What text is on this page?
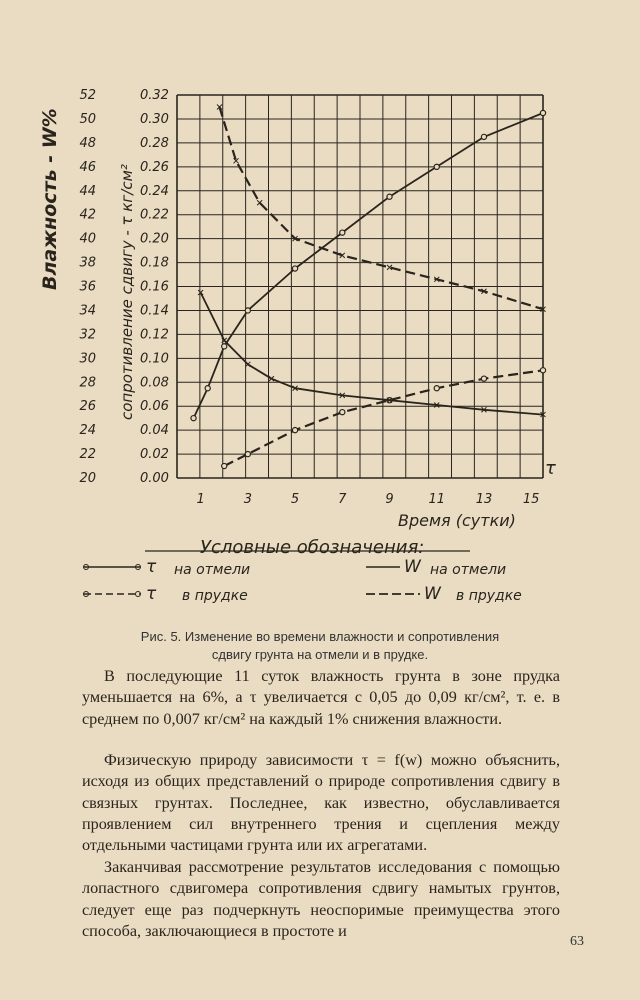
52
50
48
46
44
42
40
38
36
34
32
30
28
26
24
22
20
0.32
0.30
0.28
0.26
0.24
0.22
0.20
0.18
0.16
0.14
0.12
0.10
0.08
0.06
0.04
0.02
0.00
1	3	5	7	9	11 13 15
Влажность - W%	сопротивление сдвигу - τ кг/см²
τ
Время (сутки)
Условные обозначения:
τ на отмели	W на отмели
τ в прудке	W в прудке
Рис. 5. Изменение во времени влажности и сопротивления
сдвигу грунта на отмели и в прудке.

В последующие 11 суток влажность грунта в зоне прудка уменьшается на 6%, а τ увеличается с 0,05 до 0,09 кг/см², т. е. в среднем по 0,007 кг/см² на каждый 1% снижения влажности.

Физическую природу зависимости τ = f(w) можно объяснить, исходя из общих представлений о природе сопротивления сдвигу в связных грунтах. Последнее, как известно, обуславливается проявлением сил внутреннего трения и сцепления между отдельными частицами грунта или их агрегатами.

Заканчивая рассмотрение результатов исследования с помощью лопастного сдвигомера сопротивления сдвигу намытых грунтов, следует еще раз подчеркнуть неоспоримые преимущества этого способа, заключающиеся в простоте и

63
